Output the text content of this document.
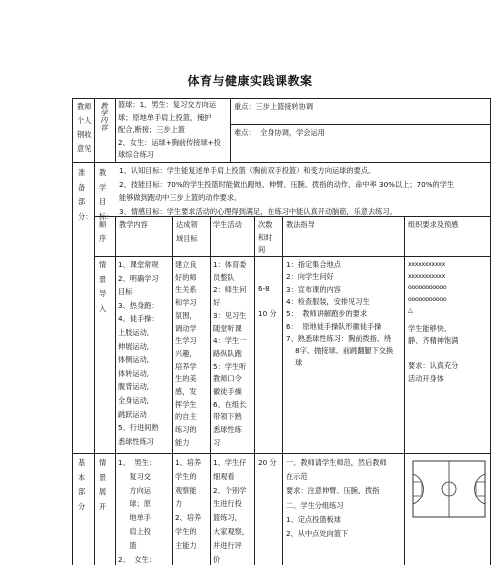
体育与健康实践课教案
教师
个人
钢收
意见
教学内容 篮球：1、男生：复习交方向运
球；原地单手肩上投篮，掩护
配合,断接；三步上篮
2、女生：运球+胸前传接球+投
球综合练习
重点：三步上篮接转协调
难点：  全身协调，学会运用
准
备
部
分：
教
学
目
标：
1、认知目标：学生能复述单手肩上投篮（胸前双手投篮）和变方向运球的要点。
2、技能目标：70%的学生投篮时能做出蹬地、伸臂、压腕、拨指的动作，命中率 30%以上；70%的学生
能够做到跑动中三步上篮的动作要求。
3、情感目标：学生要求活动的心理得到满足，在练习中能认真开动脑筋，乐意去练习。
顺
序
教学内容	达成领
域目标
学生活动 次数
和时
间
教法指导	组织要求及预感
情
景
导
入
1、课堂常规
2、明确学习
目标
3、热身跑：
4、徒手操：
上肢运动,
伸展运动,
体侧运动,
体转运动,
腹背运动,
全身运动,
跳跃运动
5、行进间熟
悉球性练习
建立良
好的师
生关系
和学习
氛围，
调动学
生学习
兴趣，
培养学
生的美
感，发
挥学生
的自主
练习的
能力
1：体育委
员整队
2：师生问
好
3：见习生
随堂听课
4：学生一
路纵队跑
5：学生听
教师口令
徽徒手操
6、在组长
带领下熟
悉球性练
习
6-8
10 分
1：指定集合地点
2：向学生问好
3：宣布课的内容
4：检查服装，安排见习生
5：  教师讲解跑步的要求
6：  原地徒手操队形徽徒手操
7、熟悉球性练习：胸前拨指、绕
8字、抛接球、前跳翻腿下交换
球
xxxxxxxxxxx
xxxxxxxxxxx
ooooooooooo
ooooooooooo
△
学生能够快、
静、齐精神饱满
要求：认真充分
活动开身体
基
本
部
分
情
景
展
开
1、  男生：
复习交
方向运
球；原
地单手
肩上投
篮
2、  女生：
1、培养
学生的
观察能
力
2、培养
学生的
主能力
1、学生仔
细观看
2、个别学
生进行投
篮练习，
大家观察，
并进行评
价
20 分 一、教师请学生师范，然后教师
在示范
要求：注意伸臂、压腕、拨指
二、学生分组练习
1、定点投篮板球
2、从中点处向篮下
